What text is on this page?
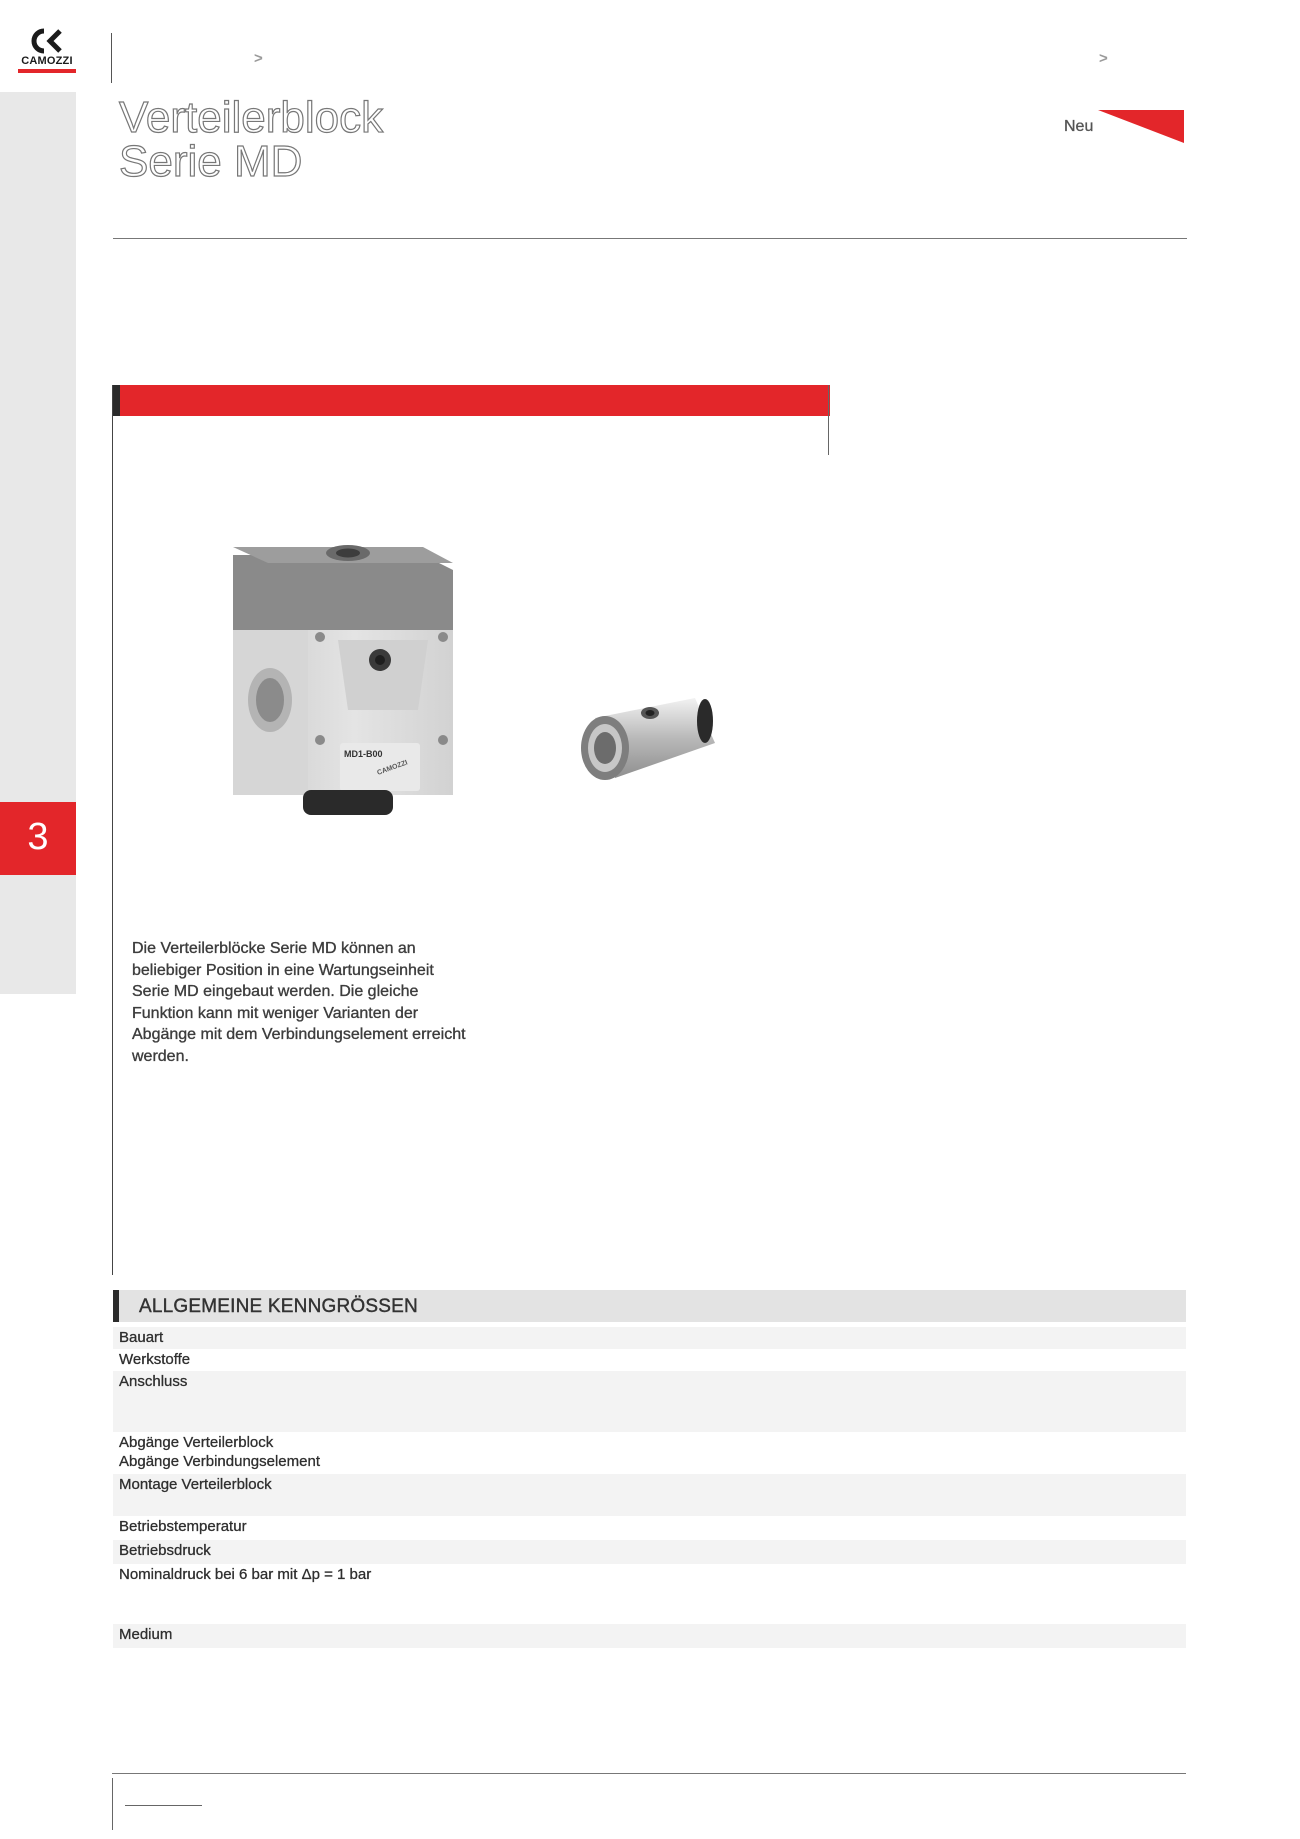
CAMOZZI	>	>
3
Verteilerblock
Serie MD
Neu
MD1-B00
CAMOZZI
Die Verteilerblöcke Serie MD können an beliebiger Position in eine Wartungseinheit Serie MD eingebaut werden. Die gleiche Funktion kann mit weniger Varianten der Abgänge mit dem Verbindungselement erreicht werden.
ALLGEMEINE KENNGRÖSSEN
Bauart
Werkstoffe
Anschluss
Abgänge Verteilerblock
Abgänge Verbindungselement
Montage Verteilerblock
Betriebstemperatur
Betriebsdruck
Nominaldruck bei 6 bar mit Δp = 1 bar
Medium
